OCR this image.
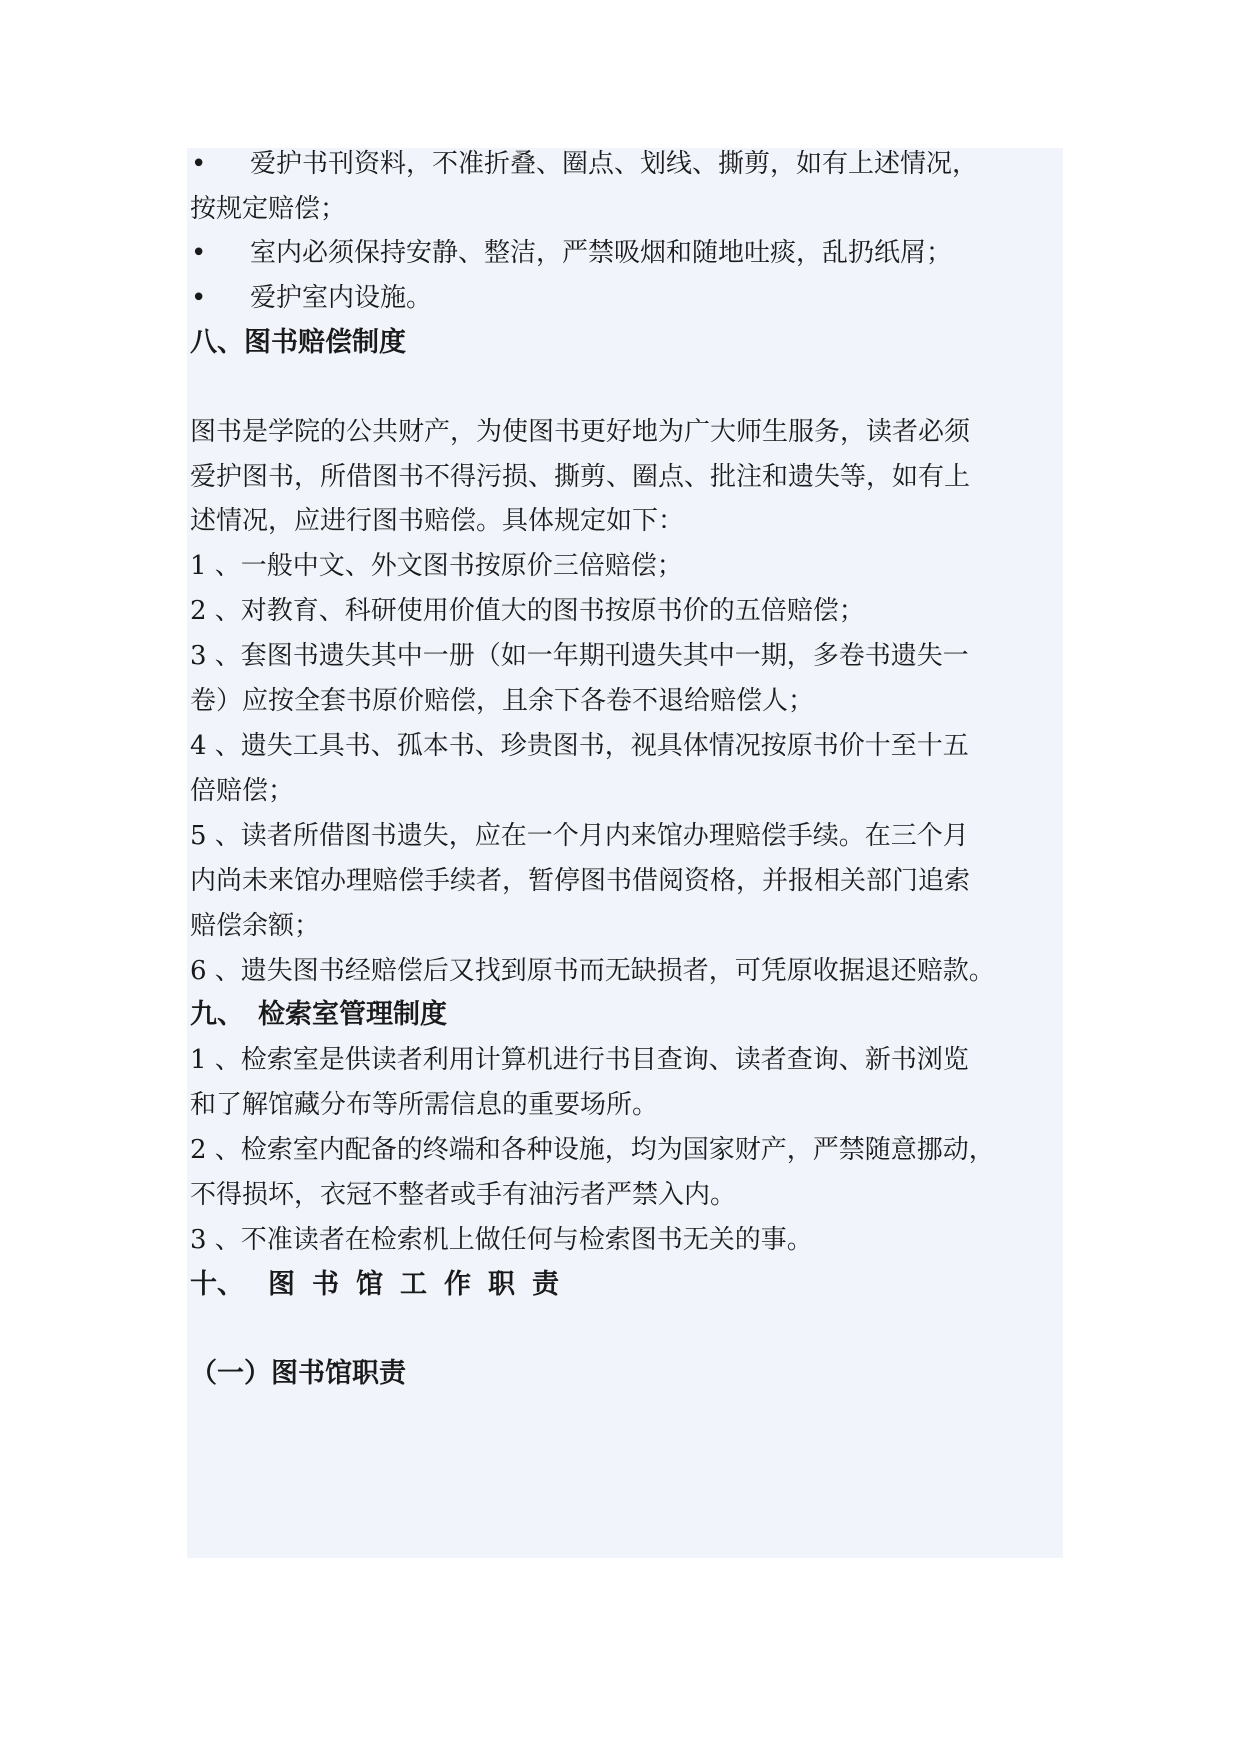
• 爱护书刊资料，不准折叠、圈点、划线、撕剪，如有上述情况，
按规定赔偿；
• 室内必须保持安静、整洁，严禁吸烟和随地吐痰，乱扔纸屑；
• 爱护室内设施。
八、图书赔偿制度
图书是学院的公共财产，为使图书更好地为广大师生服务，读者必须
爱护图书，所借图书不得污损、撕剪、圈点、批注和遗失等，如有上
述情况，应进行图书赔偿。具体规定如下：
1 、一般中文、外文图书按原价三倍赔偿；
2 、对教育、科研使用价值大的图书按原书价的五倍赔偿；
3 、套图书遗失其中一册（如一年期刊遗失其中一期，多卷书遗失一
卷）应按全套书原价赔偿，且余下各卷不退给赔偿人；
4 、遗失工具书、孤本书、珍贵图书，视具体情况按原书价十至十五
倍赔偿；
5 、读者所借图书遗失，应在一个月内来馆办理赔偿手续。在三个月
内尚未来馆办理赔偿手续者，暂停图书借阅资格，并报相关部门追索
赔偿余额；
6 、遗失图书经赔偿后又找到原书而无缺损者，可凭原收据退还赔款。
九、 检索室管理制度
1 、检索室是供读者利用计算机进行书目查询、读者查询、新书浏览
和了解馆藏分布等所需信息的重要场所。
2 、检索室内配备的终端和各种设施，均为国家财产，严禁随意挪动，
不得损坏，衣冠不整者或手有油污者严禁入内。
3 、不准读者在检索机上做任何与检索图书无关的事。
十、 图书馆工作职责
（一）图书馆职责
